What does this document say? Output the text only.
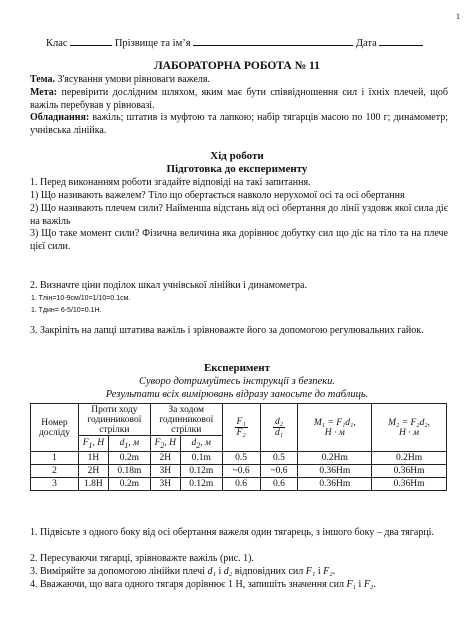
1
Клас	Прізвище та ім’я	Дата
ЛАБОРАТОРНА РОБОТА № 11
Тема. З'ясування умови рівноваги важеля.
Мета: перевірити дослідним шляхом, яким має бути співвідношення сил і їхніх плечей, щоб важіль перебував у рівновазі.
Обладнання: важіль; штатив із муфтою та лапкою; набір тягарців масою по 100 г; динамометр; учнівська лінійка.
Хід роботи
Підготовка до експерименту
1. Перед виконанням роботи згадайте відповіді на такі запитання.
1) Що називають важелем? Тіло що обертається навколо нерухомої осі та осі обертання
2) Що називають плечем сили? Найменша відстань від осі обертання до лінії уздовж якої сила діє на важіль
3) Що таке момент сили? Фізична величина яка дорівнює добутку сил що діє на тіло та на плече цієї сили.
2. Визначте ціни поділок шкал учнівської лінійки і динамометра.
1. Tлін=10-9см/10=1/10=0.1см.
1. Tдин= 6-5/10=0.1Н.
3. Закріпіть на лапці штатива важіль і зрівноважте його за допомогою регулювальних гайок.
Експеримент
Суворо дотримуйтесь інструкції з безпеки.
Результати всіх вимірювань відразу заносьте до таблиць.
Номер досліду	Проти ходу годинникової стрілки		За ходом годинникової стрілки		$\frac{\text{F₁}}{\text{F₂}}$	$\frac{\text{d₂}}{\text{d₁}}$	M₁ = F₁d₁,
Н · м	M₂ = F₂d₂,
Н · м
	$F_1$, Н	$d_1$, м	$F_2$, Н	$d_2$, м				
1	1Н	0.2m	2Н	0.1m	0.5	0.5	0.2Hm	0.2Hm
2	2Н	0.18m	3Н	0.12m	~0.6	~0.6	0.36Hm	0.36Hm
3	1.8Н	0.2m	3Н	0.12m	0.6	0.6	0.36Hm	0.36Hm
1. Підвісьте з одного боку від осі обертання важеля один тягарець, з іншого боку – два тягарці.
2. Пересуваючи тягарці, зрівноважте важіль (рис. 1).
3. Виміряйте за допомогою лінійки плечі d₁ і d₂ відповідних сил F₁ і F₂.
4. Вважаючи, що вага одного тягаря дорівнює 1 Н, запишіть значення сил F₁ і F₂.
